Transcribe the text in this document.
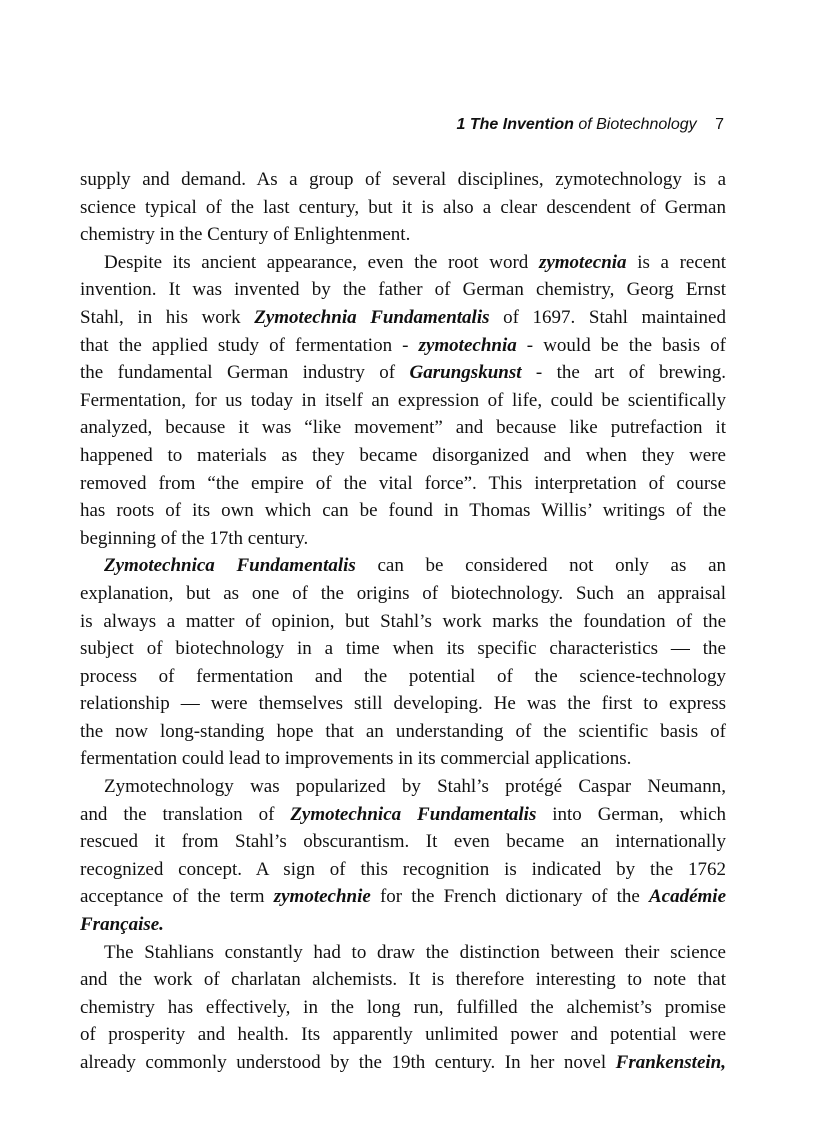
1 The Invention of Biotechnology 7
supply and demand. As a group of several disciplines, zymotechnology is a
science typical of the last century, but it is also a clear descendent of German
chemistry in the Century of Enlightenment.
Despite its ancient appearance, even the root word zymotecnia is a recent
invention. It was invented by the father of German chemistry, Georg Ernst
Stahl, in his work Zymotechnia Fundamentalis of 1697. Stahl maintained
that the applied study of fermentation - zymotechnia - would be the basis of
the fundamental German industry of Garungskunst - the art of brewing.
Fermentation, for us today in itself an expression of life, could be scientifically
analyzed, because it was “like movement” and because like putrefaction it
happened to materials as they became disorganized and when they were
removed from “the empire of the vital force”. This interpretation of course
has roots of its own which can be found in Thomas Willis’ writings of the
beginning of the 17th century.
Zymotechnica Fundamentalis can be considered not only as an
explanation, but as one of the origins of biotechnology. Such an appraisal
is always a matter of opinion, but Stahl’s work marks the foundation of the
subject of biotechnology in a time when its specific characteristics — the
process of fermentation and the potential of the science-technology
relationship — were themselves still developing. He was the first to express
the now long-standing hope that an understanding of the scientific basis of
fermentation could lead to improvements in its commercial applications.
Zymotechnology was popularized by Stahl’s protégé Caspar Neumann,
and the translation of Zymotechnica Fundamentalis into German, which
rescued it from Stahl’s obscurantism. It even became an internationally
recognized concept. A sign of this recognition is indicated by the 1762
acceptance of the term zymotechnie for the French dictionary of the Académie
Française.
The Stahlians constantly had to draw the distinction between their science
and the work of charlatan alchemists. It is therefore interesting to note that
chemistry has effectively, in the long run, fulfilled the alchemist’s promise
of prosperity and health. Its apparently unlimited power and potential were
already commonly understood by the 19th century. In her novel Frankenstein,
